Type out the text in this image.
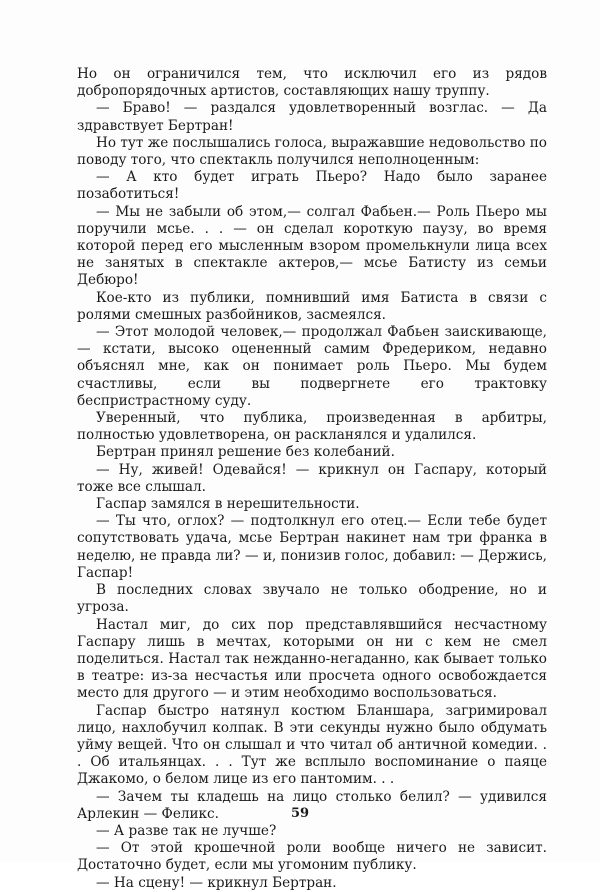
Но он ограничился тем, что исключил его из рядов добропорядочных артистов, составляющих нашу труппу.

— Браво! — раздался удовлетворенный возглас. — Да здравствует Бертран!

Но тут же послышались голоса, выражавшие недовольство по поводу того, что спектакль получился неполноценным:

— А кто будет играть Пьеро? Надо было заранее позаботиться!

— Мы не забыли об этом,— солгал Фабьен.— Роль Пьеро мы поручили мсье. . . — он сделал короткую паузу, во время которой перед его мысленным взором промелькнули лица всех не занятых в спектакле актеров,— мсье Батисту из семьи Дебюро!

Кое-кто из публики, помнивший имя Батиста в связи с ролями смешных разбойников, засмеялся.

— Этот молодой человек,— продолжал Фабьен заискивающе,— кстати, высоко оцененный самим Фредериком, недавно объяснял мне, как он понимает роль Пьеро. Мы будем счастливы, если вы подвергнете его трактовку беспристрастному суду.

Уверенный, что публика, произведенная в арбитры, полностью удовлетворена, он раскланялся и удалился.

Бертран принял решение без колебаний.

— Ну, живей! Одевайся! — крикнул он Гаспару, который тоже все слышал.

Гаспар замялся в нерешительности.

— Ты что, оглох? — подтолкнул его отец.— Если тебе будет сопутствовать удача, мсье Бертран накинет нам три франка в неделю, не правда ли? — и, понизив голос, добавил: — Держись, Гаспар!

В последних словах звучало не только ободрение, но и угроза.

Настал миг, до сих пор представлявшийся несчастному Гаспару лишь в мечтах, которыми он ни с кем не смел поделиться. Настал так нежданно-негаданно, как бывает только в театре: из-за несчастья или просчета одного освобождается место для другого — и этим необходимо воспользоваться.

Гаспар быстро натянул костюм Бланшара, загримировал лицо, нахлобучил колпак. В эти секунды нужно было обдумать уйму вещей. Что он слышал и что читал об античной комедии. . . Об итальянцах. . . Тут же всплыло воспоминание о паяце Джакомо, о белом лице из его пантомим. . .

— Зачем ты кладешь на лицо столько белил? — удивился Арлекин — Феликс.

— А разве так не лучше?

— От этой крошечной роли вообще ничего не зависит. Достаточно будет, если мы угомоним публику.

— На сцену! — крикнул Бертран.

59
